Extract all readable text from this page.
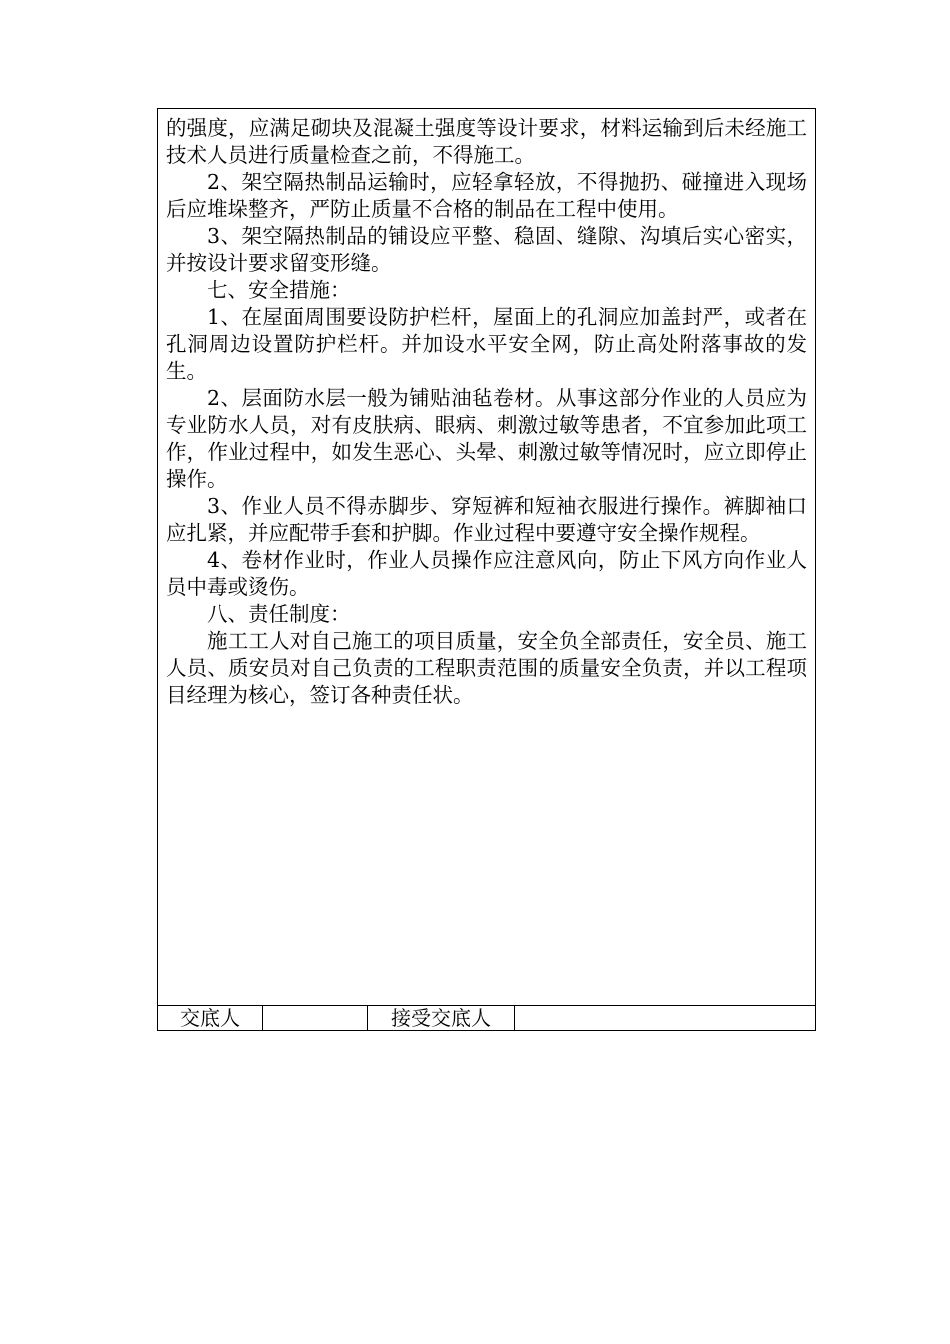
的强度，应满足砌块及混凝土强度等设计要求，材料运输到后未经施工技术人员进行质量检查之前，不得施工。

2、架空隔热制品运输时，应轻拿轻放，不得抛扔、碰撞进入现场后应堆垛整齐，严防止质量不合格的制品在工程中使用。

3、架空隔热制品的铺设应平整、稳固、缝隙、沟填后实心密实，并按设计要求留变形缝。

七、安全措施：

1、在屋面周围要设防护栏杆，屋面上的孔洞应加盖封严，或者在孔洞周边设置防护栏杆。并加设水平安全网，防止高处附落事故的发生。

2、层面防水层一般为铺贴油毡卷材。从事这部分作业的人员应为专业防水人员，对有皮肤病、眼病、刺激过敏等患者，不宜参加此项工作，作业过程中，如发生恶心、头晕、刺激过敏等情况时，应立即停止操作。

3、作业人员不得赤脚步、穿短裤和短袖衣服进行操作。裤脚袖口应扎紧，并应配带手套和护脚。作业过程中要遵守安全操作规程。

4、卷材作业时，作业人员操作应注意风向，防止下风方向作业人员中毒或烫伤。

八、责任制度：

施工工人对自己施工的项目质量，安全负全部责任，安全员、施工人员、质安员对自己负责的工程职责范围的质量安全负责，并以工程项目经理为核心，签订各种责任状。

交底人		接受交底人	
